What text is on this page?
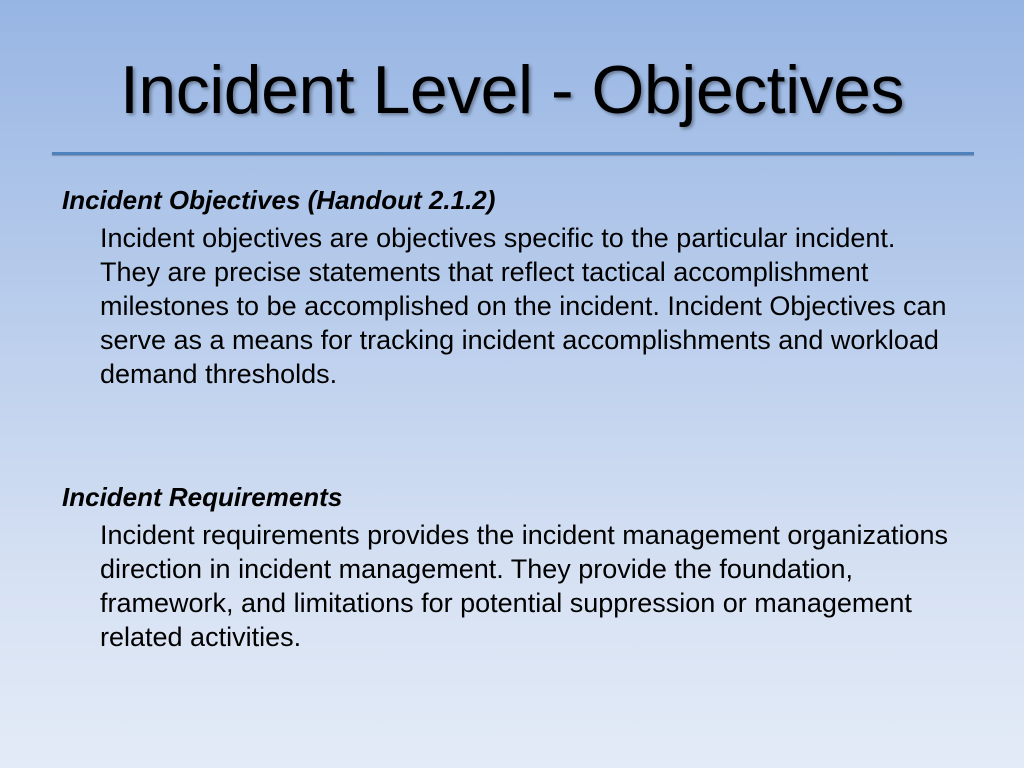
Incident Level - Objectives

Incident Objectives (Handout 2.1.2)

Incident objectives are objectives specific to the particular incident. They are precise statements that reflect tactical accomplishment milestones to be accomplished on the incident. Incident Objectives can serve as a means for tracking incident accomplishments and workload demand thresholds.

Incident Requirements

Incident requirements provides the incident management organizations direction in incident management. They provide the foundation, framework, and limitations for potential suppression or management related activities.
